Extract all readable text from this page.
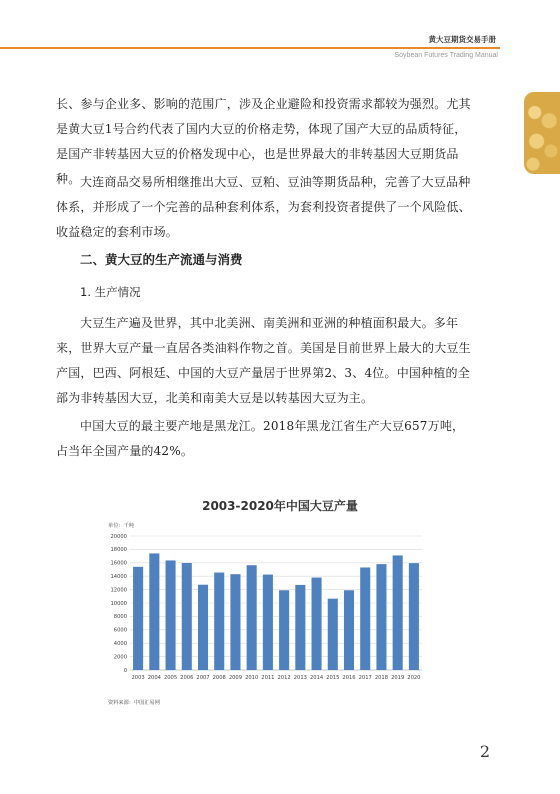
黄大豆期货交易手册
Soybean Futures Trading Manual

长、参与企业多、影响的范围广，涉及企业避险和投资需求都较为强烈。尤其是黄大豆1号合约代表了国内大豆的价格走势，体现了国产大豆的品质特征，是国产非转基因大豆的价格发现中心，也是世界最大的非转基因大豆期货品种。 大连商品交易所相继推出大豆、豆粕、豆油等期货品种，完善了大豆品种体系，并形成了一个完善的品种套利体系，为套利投资者提供了一个风险低、收益稳定的套利市场。

二、黄大豆的生产流通与消费
1. 生产情况

大豆生产遍及世界，其中北美洲、南美洲和亚洲的种植面积最大。多年来，世界大豆产量一直居各类油料作物之首。美国是目前世界上最大的大豆生产国，巴西、阿根廷、中国的大豆产量居于世界第2、3、4位。中国种植的全部为非转基因大豆，北美和南美大豆是以转基因大豆为主。

中国大豆的最主要产地是黑龙江。2018年黑龙江省生产大豆657万吨，占当年全国产量的42%。

2003-2020年中国大豆产量
单位：千吨
0
2000
4000
6000
8000
10000
12000
14000
16000
18000
20000
2003 2004 2005 2006 2007 2008 2009 2010 2011 2012 2013 2014 2015 2016 2017 2018 2019 2020
资料来源：中国汇易网
2
